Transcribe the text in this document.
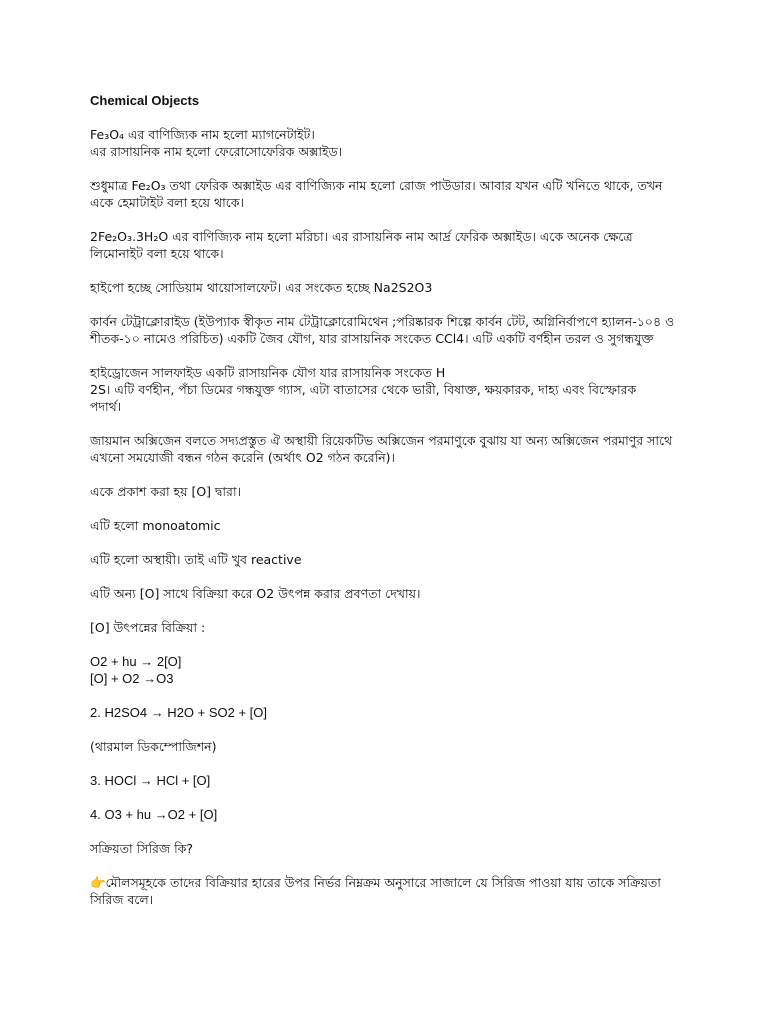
Chemical Objects
Fe₃O₄ এর বাণিজ্যিক নাম হলো ম্যাগনেটাইট।
এর রাসায়নিক নাম হলো ফেরোসোফেরিক অক্সাইড।
শুধুমাত্র Fe₂O₃ তথা ফেরিক অক্সাইড এর বাণিজ্যিক নাম হলো রোজ পাউডার। আবার যখন এটি খনিতে থাকে, তখন
একে হেমাটাইট বলা হয়ে থাকে।
2Fe₂O₃.3H₂O এর বাণিজ্যিক নাম হলো মরিচা। এর রাসায়নিক নাম আর্দ্র ফেরিক অক্সাইড। একে অনেক ক্ষেত্রে
লিমোনাইট বলা হয়ে থাকে।
হাইপো হচ্ছে সোডিয়াম থায়োসালফেট। এর সংকেত হচ্ছে Na2S2O3
কার্বন টেট্রাক্লোরাইড (ইউপ্যাক স্বীকৃত নাম টেট্রাক্লোরোমিথেন ;পরিষ্কারক শিল্পে কার্বন টেট, অগ্নিনির্বাপণে হ্যালন-১০৪ ও
শীতক-১০ নামেও পরিচিত) একটি জৈব যৌগ, যার রাসায়নিক সংকেত CCl4। এটি একটি বর্ণহীন তরল ও সুগন্ধযুক্ত
হাইড্রোজেন সালফাইড একটি রাসায়নিক যৌগ যার রাসায়নিক সংকেত H
2S। এটি বর্ণহীন, পঁচা ডিমের গন্ধযুক্ত গ্যাস, এটা বাতাসের থেকে ভারী, বিষাক্ত, ক্ষয়কারক, দাহ্য এবং বিস্ফোরক
পদার্থ।
জায়মান অক্সিজেন বলতে সদ্যপ্রস্তুত ঐ অস্থায়ী রিয়েকটিভ অক্সিজেন পরমাণুকে বুঝায় যা অন্য অক্সিজেন পরমাণুর সাথে
এখনো সমযোজী বন্ধন গঠন করেনি (অর্থাৎ O2 গঠন করেনি)।
একে প্রকাশ করা হয় [O] দ্বারা।
এটি হলো monoatomic
এটি হলো অস্থায়ী। তাই এটি খুব reactive
এটি অন্য [O] সাথে বিক্রিয়া করে O2 উৎপন্ন করার প্রবণতা দেখায়।
[O] উৎপন্নের বিক্রিয়া :
O2 + hu → 2[O]
[O] + O2 →O3
2. H2SO4 → H2O + SO2 + [O]
(থারমাল ডিকম্পোজিশন)
3. HOCl → HCl + [O]
4. O3 + hu →O2 + [O]
সক্রিয়তা সিরিজ কি?
👉মৌলসমূহকে তাদের বিক্রিয়ার হারের উপর নির্ভর নিম্নক্রম অনুসারে সাজালে যে সিরিজ পাওয়া যায় তাকে সক্রিয়তা
সিরিজ বলে।
